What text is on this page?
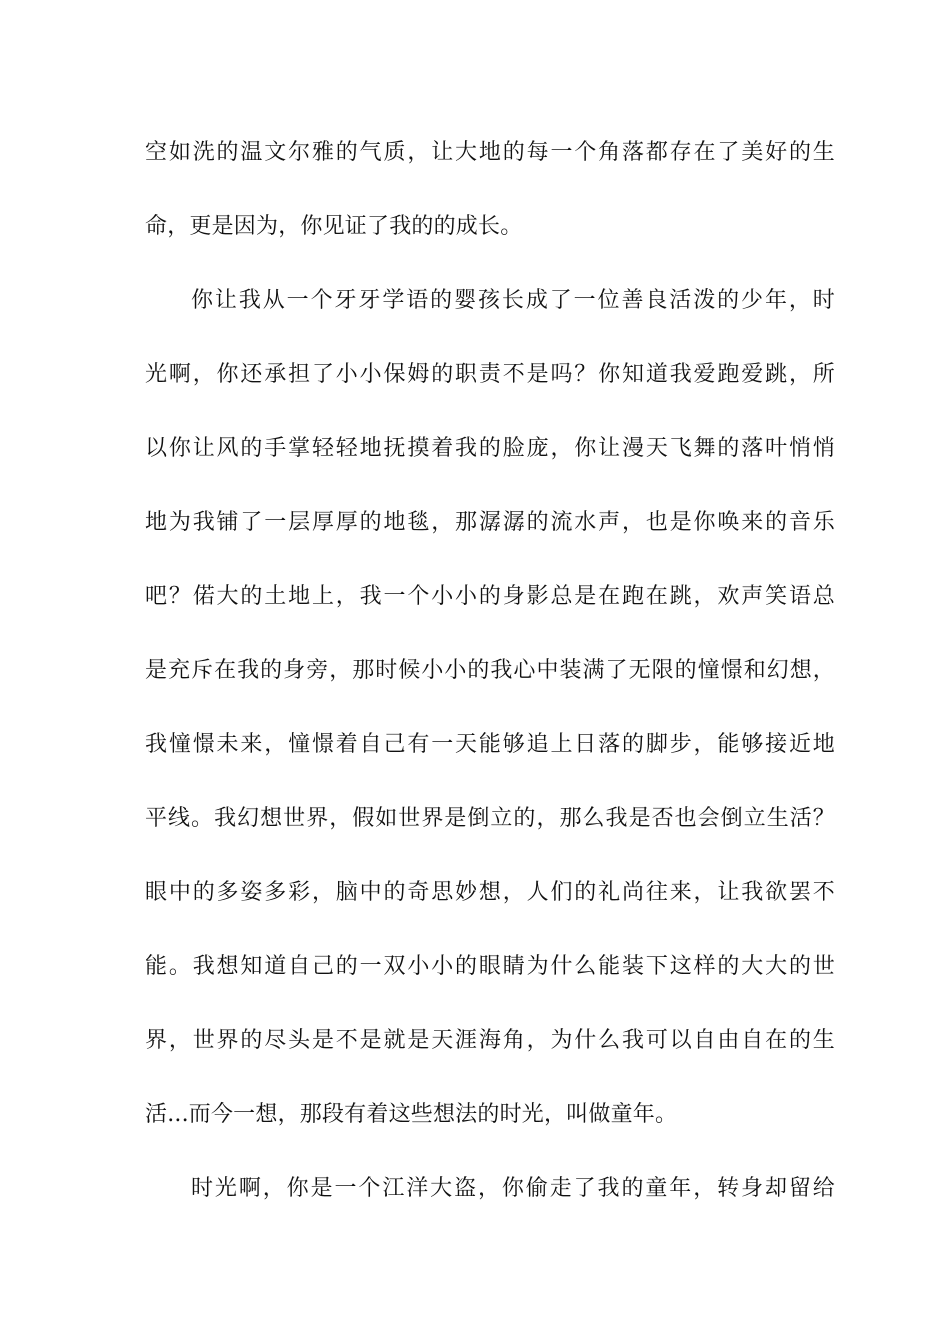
空如洗的温文尔雅的气质，让大地的每一个角落都存在了美好的生
命，更是因为，你见证了我的的成长。
你让我从一个牙牙学语的婴孩长成了一位善良活泼的少年，时
光啊，你还承担了小小保姆的职责不是吗？你知道我爱跑爱跳，所
以你让风的手掌轻轻地抚摸着我的脸庞，你让漫天飞舞的落叶悄悄
地为我铺了一层厚厚的地毯，那潺潺的流水声，也是你唤来的音乐
吧？偌大的土地上，我一个小小的身影总是在跑在跳，欢声笑语总
是充斥在我的身旁，那时候小小的我心中装满了无限的憧憬和幻想，
我憧憬未来，憧憬着自己有一天能够追上日落的脚步，能够接近地
平线。我幻想世界，假如世界是倒立的，那么我是否也会倒立生活？
眼中的多姿多彩，脑中的奇思妙想，人们的礼尚往来，让我欲罢不
能。我想知道自己的一双小小的眼睛为什么能装下这样的大大的世
界，世界的尽头是不是就是天涯海角，为什么我可以自由自在的生
活...而今一想，那段有着这些想法的时光，叫做童年。
时光啊，你是一个江洋大盗，你偷走了我的童年，转身却留给
